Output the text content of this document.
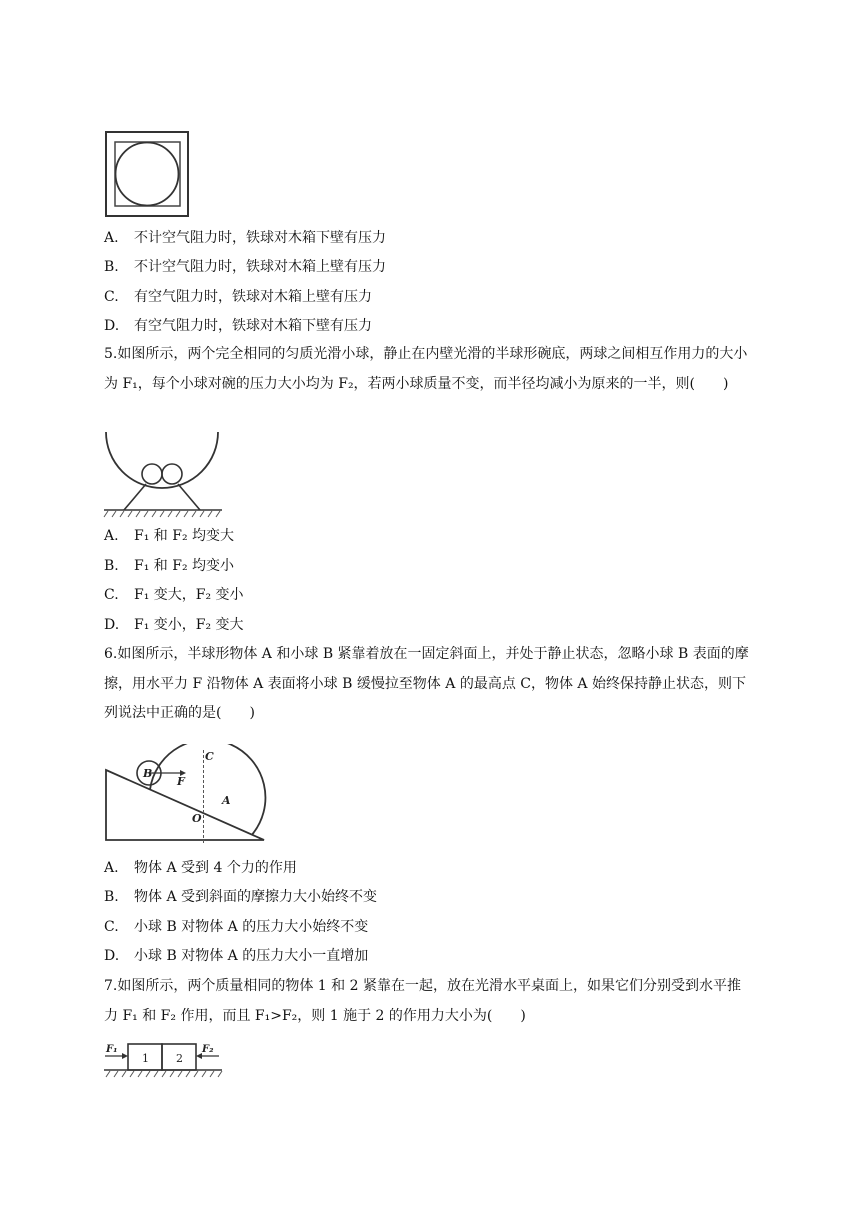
A. 不计空气阻力时，铁球对木箱下壁有压力
B. 不计空气阻力时，铁球对木箱上壁有压力
C. 有空气阻力时，铁球对木箱上壁有压力
D. 有空气阻力时，铁球对木箱下壁有压力
5.如图所示，两个完全相同的匀质光滑小球，静止在内壁光滑的半球形碗底，两球之间相互作用力的大小为 F₁，每个小球对碗的压力大小均为 F₂，若两小球质量不变，而半径均减小为原来的一半，则(　　)
A. F₁ 和 F₂ 均变大
B. F₁ 和 F₂ 均变小
C. F₁ 变大，F₂ 变小
D. F₁ 变小，F₂ 变大
6.如图所示，半球形物体 A 和小球 B 紧靠着放在一固定斜面上，并处于静止状态，忽略小球 B 表面的摩擦，用水平力 F 沿物体 A 表面将小球 B 缓慢拉至物体 A 的最高点 C，物体 A 始终保持静止状态，则下列说法中正确的是(　　)
B
F
C
A
O
A. 物体 A 受到 4 个力的作用
B. 物体 A 受到斜面的摩擦力大小始终不变
C. 小球 B 对物体 A 的压力大小始终不变
D. 小球 B 对物体 A 的压力大小一直增加
7.如图所示，两个质量相同的物体 1 和 2 紧靠在一起，放在光滑水平桌面上，如果它们分别受到水平推力 F₁ 和 F₂ 作用，而且 F₁>F₂，则 1 施于 2 的作用力大小为(　　)
F₁
1 2
F₂
